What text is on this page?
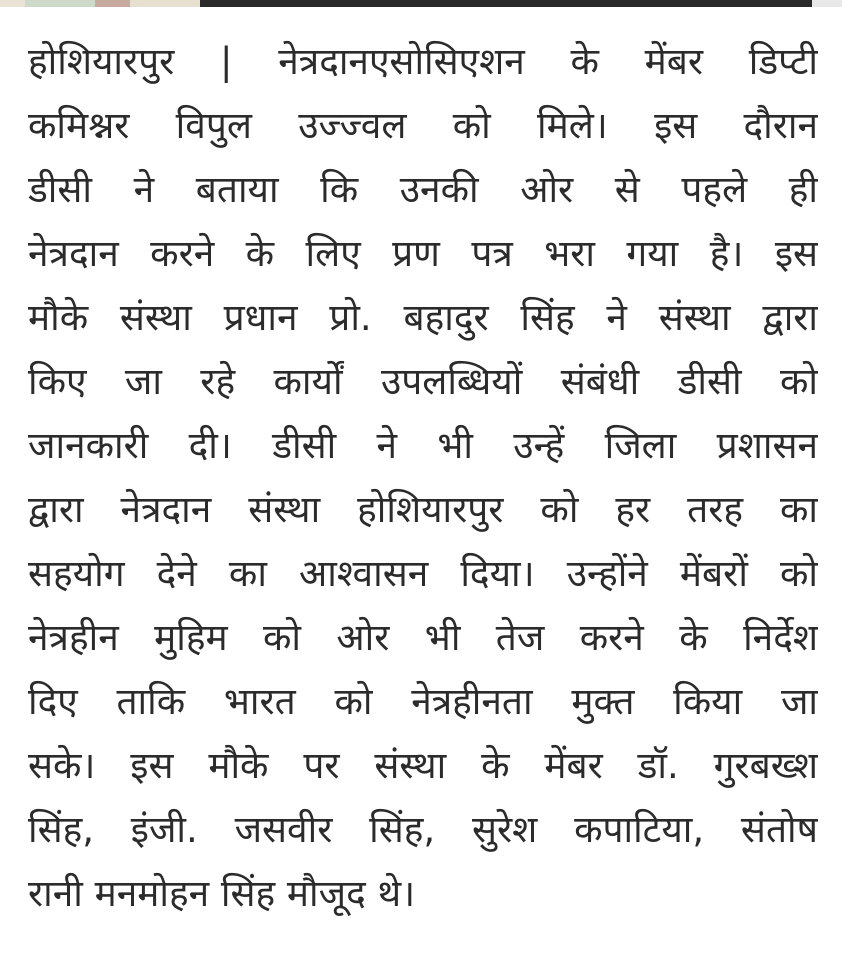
होशियारपुर | नेत्रदानएसोसिएशन के मेंबर डिप्टी
कमिश्नर विपुल उज्ज्वल को मिले। इस दौरान
डीसी ने बताया कि उनकी ओर से पहले ही
नेत्रदान करने के लिए प्रण पत्र भरा गया है। इस
मौके संस्था प्रधान प्रो. बहादुर सिंह ने संस्था द्वारा
किए जा रहे कार्यों उपलब्धियों संबंधी डीसी को
जानकारी दी। डीसी ने भी उन्हें जिला प्रशासन
द्वारा नेत्रदान संस्था होशियारपुर को हर तरह का
सहयोग देने का आश्वासन दिया। उन्होंने मेंबरों को
नेत्रहीन मुहिम को ओर भी तेज करने के निर्देश
दिए ताकि भारत को नेत्रहीनता मुक्त किया जा
सके। इस मौके पर संस्था के मेंबर डॉ. गुरबख्श
सिंह, इंजी. जसवीर सिंह, सुरेश कपाटिया, संतोष
रानी मनमोहन सिंह मौजूद थे।
